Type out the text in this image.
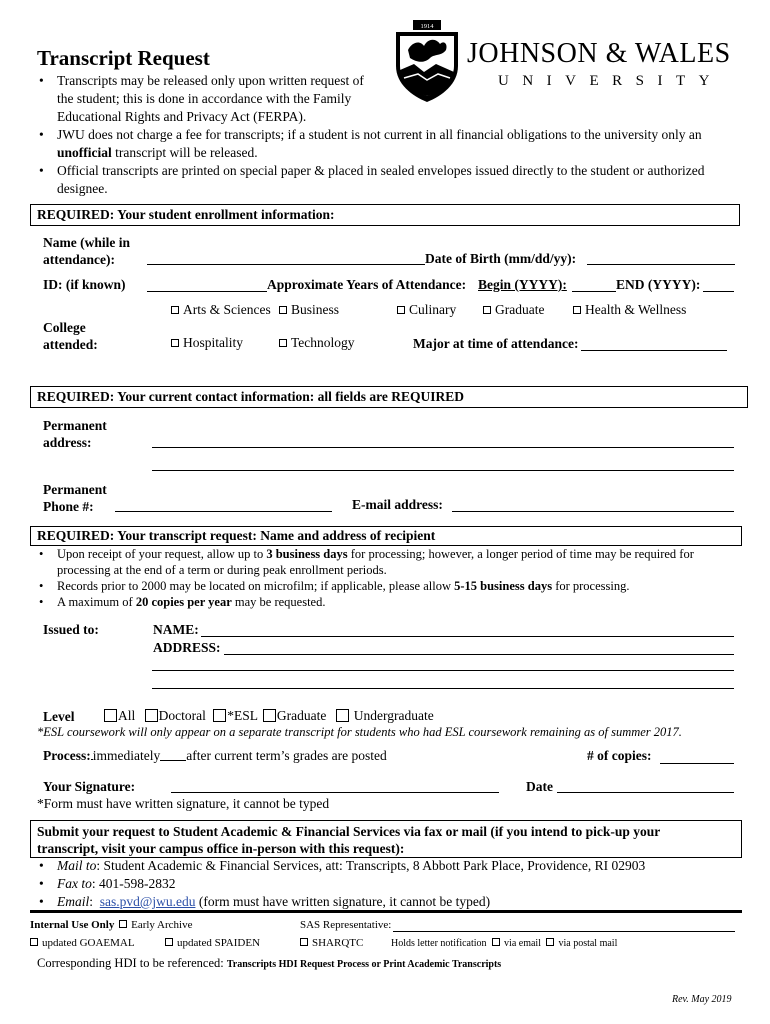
Transcript Request
1914
JOHNSON & WALES
UNIVERSITY
• Transcripts may be released only upon written request of
the student; this is done in accordance with the Family
Educational Rights and Privacy Act (FERPA).
• JWU does not charge a fee for transcripts; if a student is not current in all financial obligations to the university only an
unofficial transcript will be released.
• Official transcripts are printed on special paper & placed in sealed envelopes issued directly to the student or authorized
designee.
REQUIRED: Your student enrollment information:
Name (while in
attendance):	Date of Birth (mm/dd/yy):
ID: (if known)	Approximate Years of Attendance: Begin (YYYY):	END (YYYY):
College
attended:
Arts & Sciences	Business	Culinary	Graduate	Health & Wellness
Hospitality	Technology	Major at time of attendance:
REQUIRED: Your current contact information: all fields are REQUIRED
Permanent
address:
Permanent
Phone #:	E-mail address:
REQUIRED: Your transcript request: Name and address of recipient
• Upon receipt of your request, allow up to 3 business days for processing; however, a longer period of time may be required for
processing at the end of a term or during peak enrollment periods.
• Records prior to 2000 may be located on microfilm; if applicable, please allow 5-15 business days for processing.
• A maximum of 20 copies per year may be requested.
Issued to:	NAME:
ADDRESS:
Level	All Doctoral *ESL Graduate Undergraduate
*ESL coursework will only appear on a separate transcript for students who had ESL coursework remaining as of summer 2017.
Process: immediately after current term’s grades are posted	# of copies:
Your Signature:	Date
*Form must have written signature, it cannot be typed
Submit your request to Student Academic & Financial Services via fax or mail (if you intend to pick-up your
transcript, visit your campus office in-person with this request):
• Mail to: Student Academic & Financial Services, att: Transcripts, 8 Abbott Park Place, Providence, RI 02903
• Fax to: 401-598-2832
• Email:  sas.pvd@jwu.edu (form must have written signature, it cannot be typed)
Internal Use Only Early Archive	SAS Representative:
updated GOAEMAL	updated SPAIDEN	SHARQTC	Holds letter notification via email via postal mail
Corresponding HDI to be referenced: Transcripts HDI Request Process or Print Academic Transcripts
Rev. May 2019
